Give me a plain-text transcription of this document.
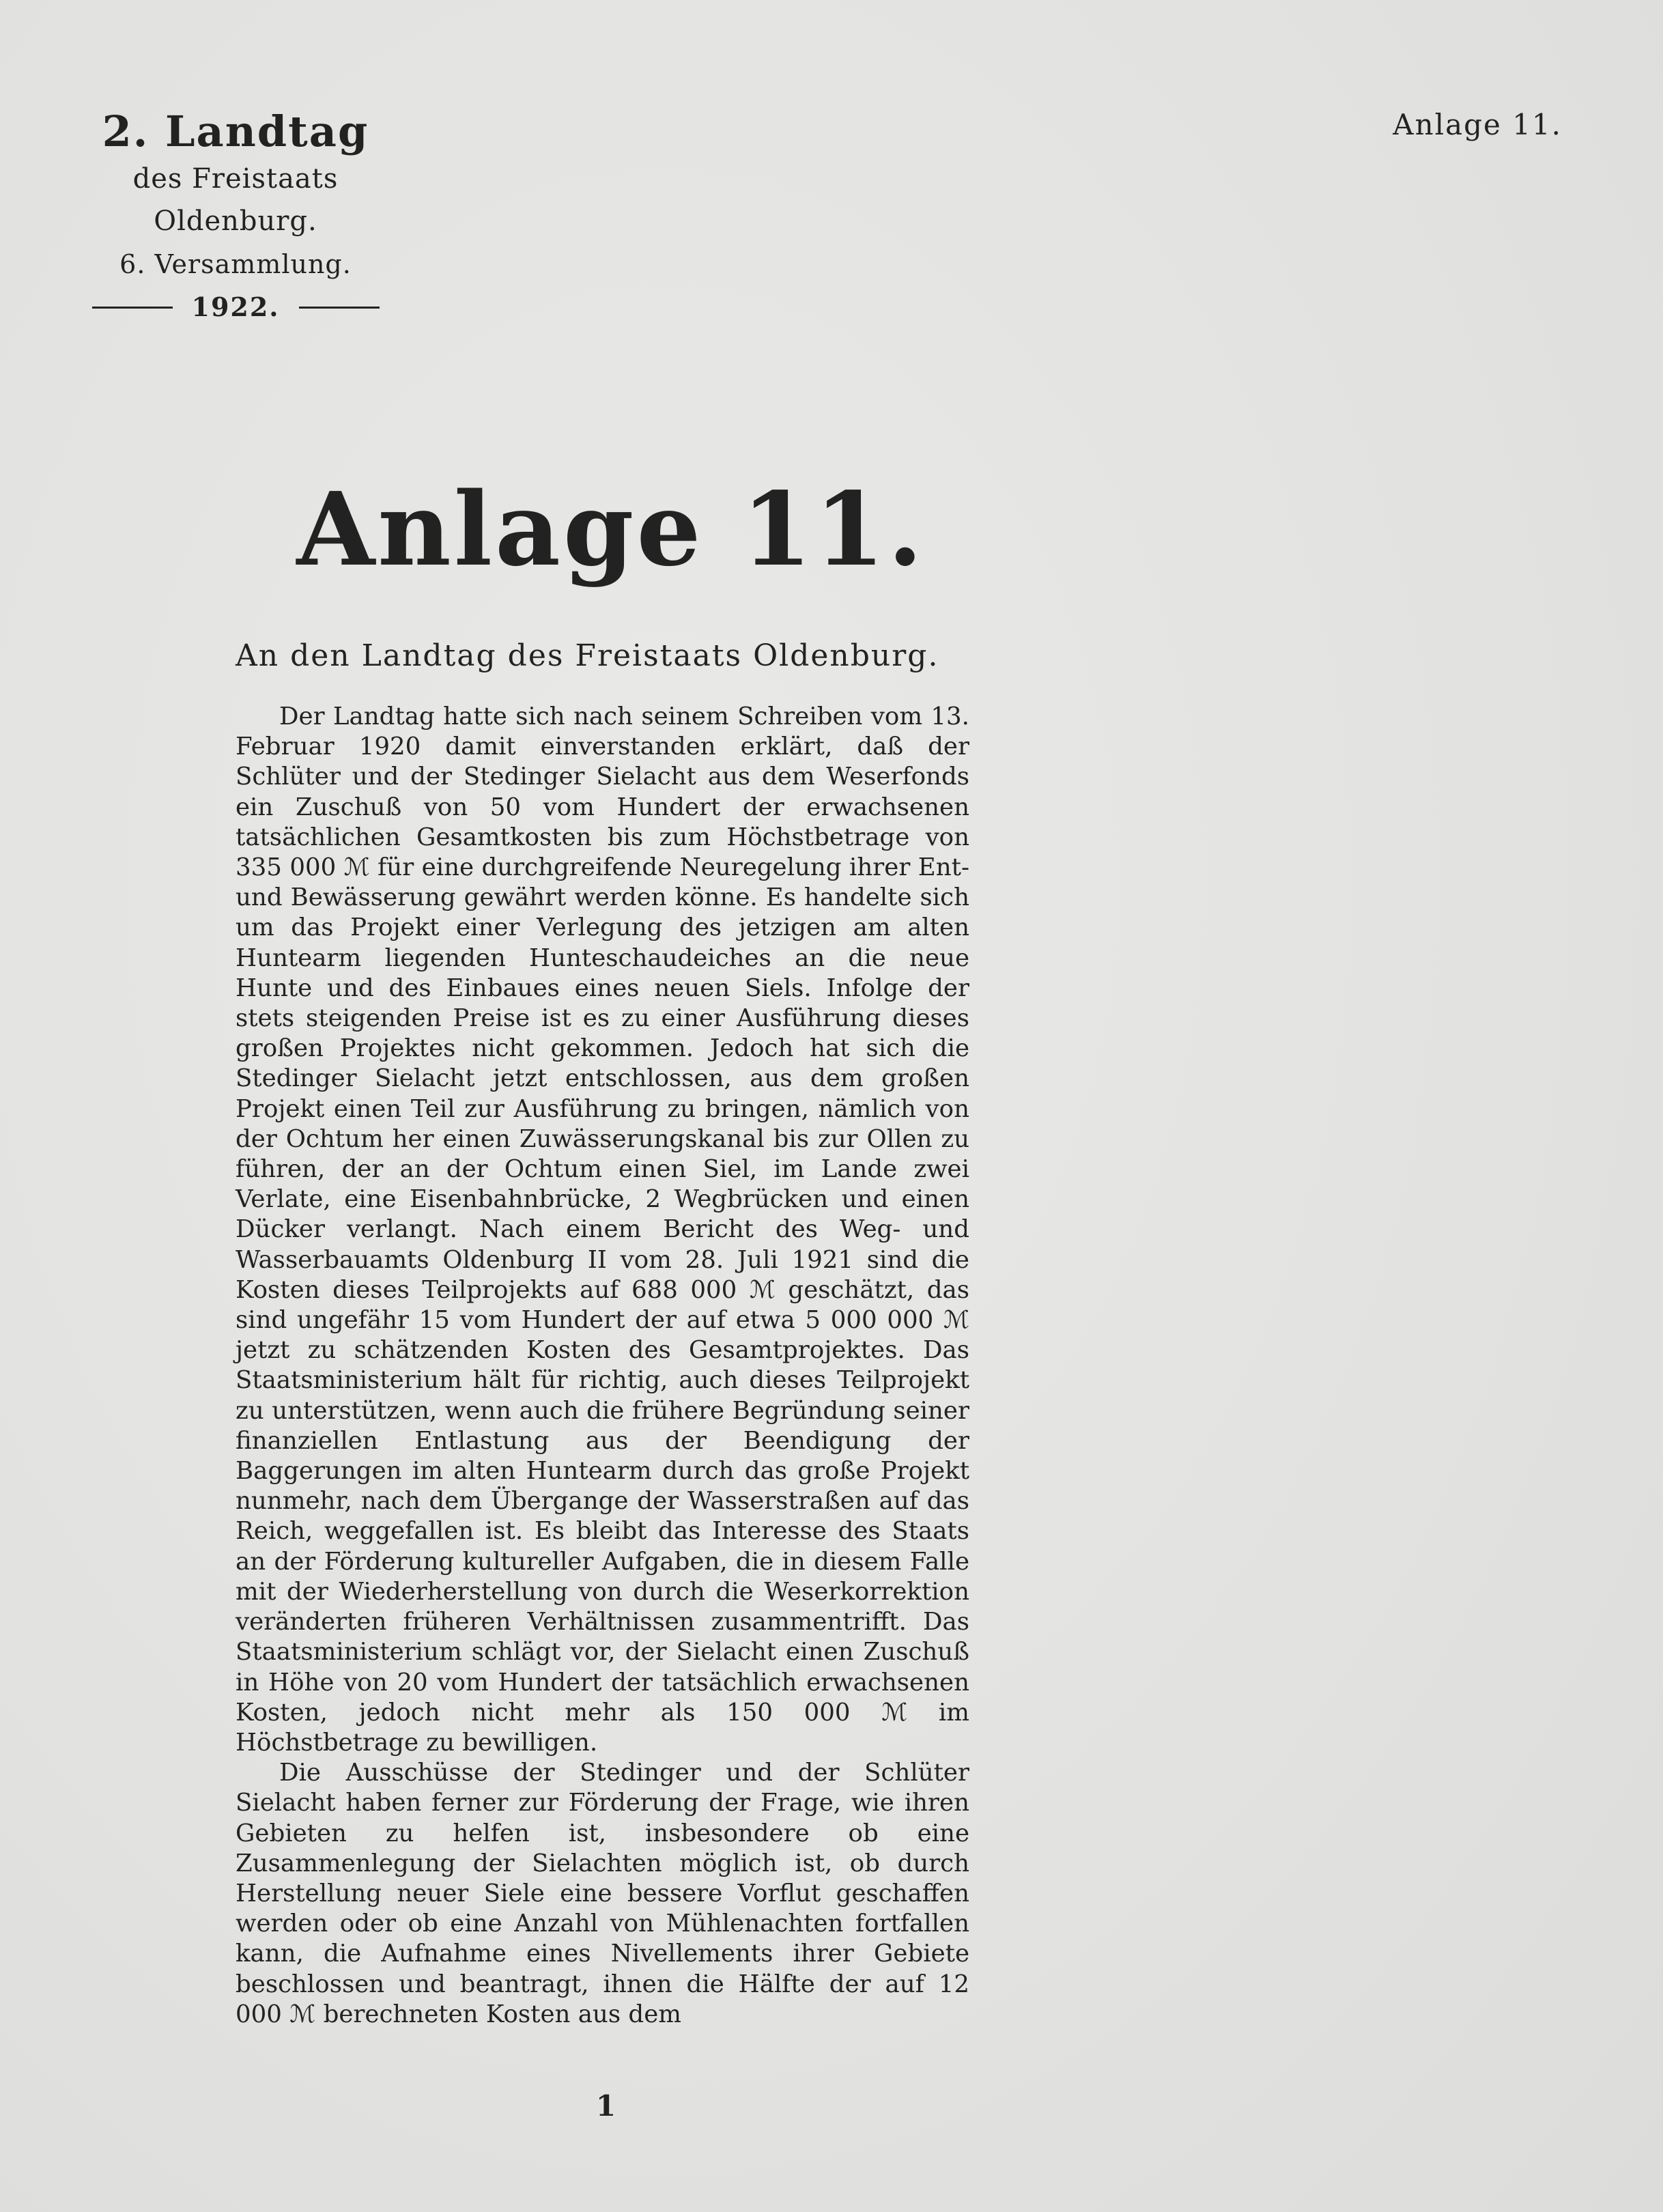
2. Landtag
des Freistaats Oldenburg.
6. Versammlung.
1922.
Anlage 11.
Anlage 11.
An den Landtag des Freistaats Oldenburg.

Der Landtag hatte sich nach seinem Schreiben vom 13. Februar 1920 damit einverstanden erklärt, daß der Schlüter und der Stedinger Sielacht aus dem Weserfonds ein Zuschuß von 50 vom Hundert der erwachsenen tatsächlichen Gesamtkosten bis zum Höchstbetrage von 335 000 ℳ für eine durchgreifende Neuregelung ihrer Ent- und Bewässerung gewährt werden könne. Es handelte sich um das Projekt einer Verlegung des jetzigen am alten Huntearm liegenden Hunteschaudeiches an die neue Hunte und des Einbaues eines neuen Siels. Infolge der stets steigenden Preise ist es zu einer Ausführung dieses großen Projektes nicht gekommen. Jedoch hat sich die Stedinger Sielacht jetzt entschlossen, aus dem großen Projekt einen Teil zur Ausführung zu bringen, nämlich von der Ochtum her einen Zuwässerungskanal bis zur Ollen zu führen, der an der Ochtum einen Siel, im Lande zwei Verlate, eine Eisenbahnbrücke, 2 Wegbrücken und einen Dücker verlangt. Nach einem Bericht des Weg- und Wasserbauamts Oldenburg II vom 28. Juli 1921 sind die Kosten dieses Teilprojekts auf 688 000 ℳ geschätzt, das sind ungefähr 15 vom Hundert der auf etwa 5 000 000 ℳ jetzt zu schätzenden Kosten des Gesamtprojektes. Das Staatsministerium hält für richtig, auch dieses Teilprojekt zu unterstützen, wenn auch die frühere Begründung seiner finanziellen Entlastung aus der Beendigung der Baggerungen im alten Huntearm durch das große Projekt nunmehr, nach dem Übergange der Wasserstraßen auf das Reich, weggefallen ist. Es bleibt das Interesse des Staats an der Förderung kultureller Aufgaben, die in diesem Falle mit der Wiederherstellung von durch die Weserkorrektion veränderten früheren Verhältnissen zusammentrifft. Das Staatsministerium schlägt vor, der Sielacht einen Zuschuß in Höhe von 20 vom Hundert der tatsächlich erwachsenen Kosten, jedoch nicht mehr als 150 000 ℳ im Höchstbetrage zu bewilligen.

Die Ausschüsse der Stedinger und der Schlüter Sielacht haben ferner zur Förderung der Frage, wie ihren Gebieten zu helfen ist, insbesondere ob eine Zusammenlegung der Sielachten möglich ist, ob durch Herstellung neuer Siele eine bessere Vorflut geschaffen werden oder ob eine Anzahl von Mühlenachten fortfallen kann, die Aufnahme eines Nivellements ihrer Gebiete beschlossen und beantragt, ihnen die Hälfte der auf 12 000 ℳ berechneten Kosten aus dem

1
